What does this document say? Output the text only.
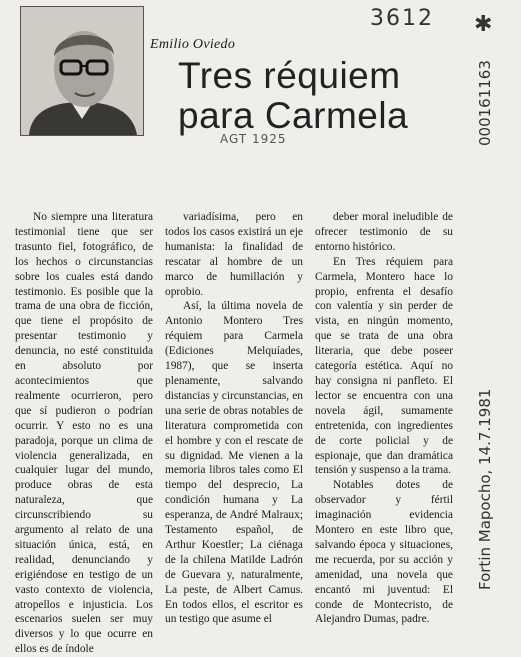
3612 ✱
AGT 1925
Fortin Mapocho, 14.7.1981
000161163
Emilio Oviedo
Tres réquiem
para Carmela

No siempre una literatura testimonial tiene que ser trasunto fiel, fotográfico, de los hechos o circunstancias sobre los cuales está dando testimonio. Es posible que la trama de una obra de ficción, que tiene el propósito de presentar testimonio y denuncia, no esté constituida en absoluto por acontecimientos que realmente ocurrieron, pero que sí pudieron o podrían ocurrir. Y esto no es una paradoja, porque un clima de violencia generalizada, en cualquier lugar del mundo, produce obras de esta naturaleza, que circunscribiendo su argumento al relato de una situación única, está, en realidad, denunciando y erigiéndose en testigo de un vasto contexto de violencia, atropellos e injusticia. Los escenarios suelen ser muy diversos y lo que ocurre en ellos es de índole

variadísima, pero en todos los casos existirá un eje humanista: la finalidad de rescatar al hombre de un marco de humillación y oprobio.

Así, la última novela de Antonio Montero Tres réquiem para Carmela (Ediciones Melquíades, 1987), que se inserta plenamente, salvando distancias y circunstancias, en una serie de obras notables de literatura comprometida con el hombre y con el rescate de su dignidad. Me vienen a la memoria libros tales como El tiempo del desprecio, La condición humana y La esperanza, de André Malraux; Testamento español, de Arthur Koestler; La ciénaga de la chilena Matilde Ladrón de Guevara y, naturalmente, La peste, de Albert Camus. En todos ellos, el escritor es un testigo que asume el

deber moral ineludible de ofrecer testimonio de su entorno histórico.

En Tres réquiem para Carmela, Montero hace lo propio, enfrenta el desafío con valentía y sin perder de vista, en ningún momento, que se trata de una obra literaria, que debe poseer categoría estética. Aquí no hay consigna ni panfleto. El lector se encuentra con una novela ágil, sumamente entretenida, con ingredientes de corte policial y de espionaje, que dan dramática tensión y suspenso a la trama.

Notables dotes de observador y fértil imaginación evidencia Montero en este libro que, salvando época y situaciones, me recuerda, por su acción y amenidad, una novela que encantó mi juventud: El conde de Montecristo, de Alejandro Dumas, padre.
